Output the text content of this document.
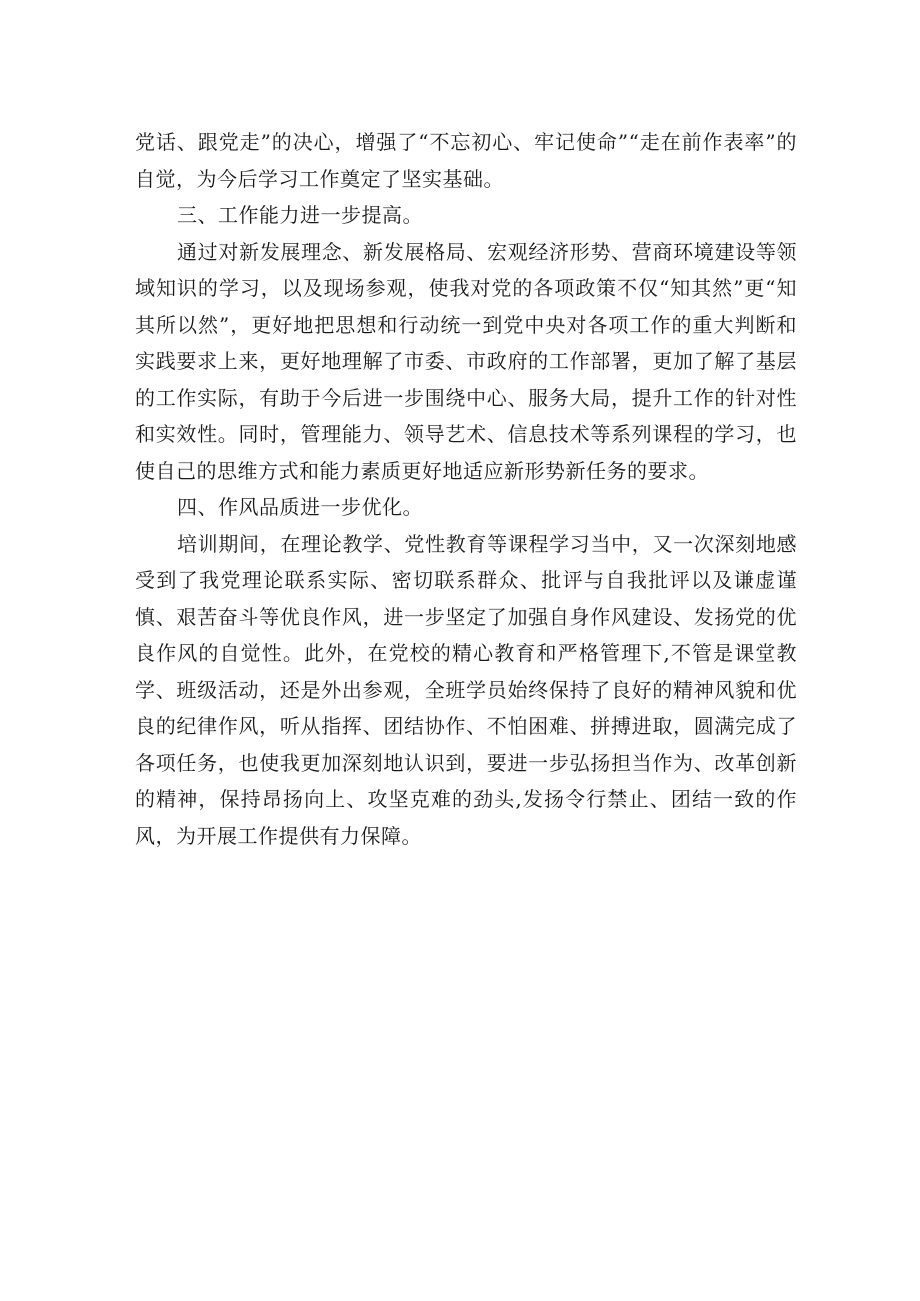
党话、跟党走”的决心，增强了“不忘初心、牢记使命”“走在前作表率”的自觉，为今后学习工作奠定了坚实基础。

三、工作能力进一步提高。

通过对新发展理念、新发展格局、宏观经济形势、营商环境建设等领域知识的学习，以及现场参观，使我对党的各项政策不仅“知其然”更“知其所以然”，更好地把思想和行动统一到党中央对各项工作的重大判断和实践要求上来，更好地理解了市委、市政府的工作部署，更加了解了基层的工作实际，有助于今后进一步围绕中心、服务大局，提升工作的针对性和实效性。同时，管理能力、领导艺术、信息技术等系列课程的学习，也使自己的思维方式和能力素质更好地适应新形势新任务的要求。

四、作风品质进一步优化。

培训期间，在理论教学、党性教育等课程学习当中，又一次深刻地感受到了我党理论联系实际、密切联系群众、批评与自我批评以及谦虚谨慎、艰苦奋斗等优良作风，进一步坚定了加强自身作风建设、发扬党的优良作风的自觉性。此外，在党校的精心教育和严格管理下,不管是课堂教学、班级活动，还是外出参观，全班学员始终保持了良好的精神风貌和优良的纪律作风，听从指挥、团结协作、不怕困难、拼搏进取，圆满完成了各项任务，也使我更加深刻地认识到，要进一步弘扬担当作为、改革创新的精神，保持昂扬向上、攻坚克难的劲头,发扬令行禁止、团结一致的作风，为开展工作提供有力保障。
